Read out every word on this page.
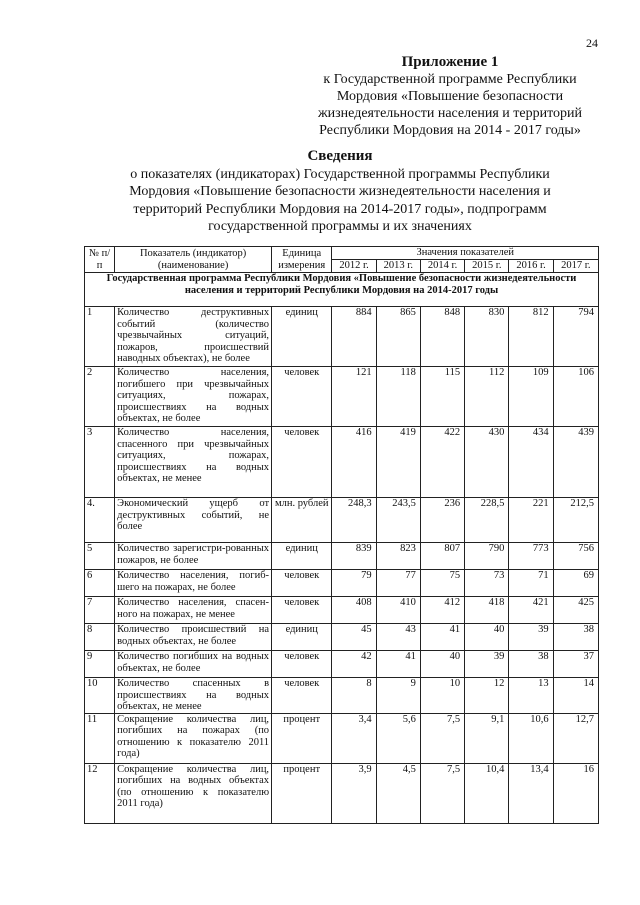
24
Приложение 1
к Государственной программе Республики
Мордовия «Повышение безопасности
жизнедеятельности населения и территорий
Республики Мордовия на 2014 - 2017 годы»
Сведения
о показателях (индикаторах) Государственной программы Республики
Мордовия «Повышение безопасности жизнедеятельности населения и
территорий Республики Мордовия на 2014-2017 годы», подпрограмм
государственной программы и их значениях
№ п/п	Показатель (индикатор) (наименование)	Единица измерения	Значения показателей					
			2012 г.	2013 г.	2014 г.	2015 г.	2016 г.	2017 г.
Государственная программа Республики Мордовия «Повышение безопасности жизнедеятельности населения и территорий Республики Мордовия на 2014-2017 годы								
1	Количество деструктивных событий (количество чрезвычайных ситуаций, пожаров, происшествий наводных объектах), не более	единиц	884	865	848	830	812	794
2	Количество населения, погибшего при чрезвычайных ситуациях, пожарах, происшествиях на водных объектах, не более	человек	121	118	115	112	109	106
3	Количество населения, спасенного при чрезвычайных ситуациях, пожарах, происшествиях на водных объектах, не менее	человек	416	419	422	430	434	439
4.	Экономический ущерб от деструктивных событий, не более	млн. рублей	248,3	243,5	236	228,5	221	212,5
5	Количество зарегистри-рованных пожаров, не более	единиц	839	823	807	790	773	756
6	Количество населения, погиб-шего на пожарах, не более	человек	79	77	75	73	71	69
7	Количество населения, спасен-ного на пожарах, не менее	человек	408	410	412	418	421	425
8	Количество происшествий на водных объектах, не более	единиц	45	43	41	40	39	38
9	Количество погибших на водных объектах, не более	человек	42	41	40	39	38	37
10	Количество спасенных в происшествиях на водных объектах, не менее	человек	8	9	10	12	13	14
11	Сокращение количества лиц, погибших на пожарах (по отношению к показателю 2011 года)	процент	3,4	5,6	7,5	9,1	10,6	12,7
12	Сокращение количества лиц, погибших на водных объектах (по отношению к показателю 2011 года)	процент	3,9	4,5	7,5	10,4	13,4	16
